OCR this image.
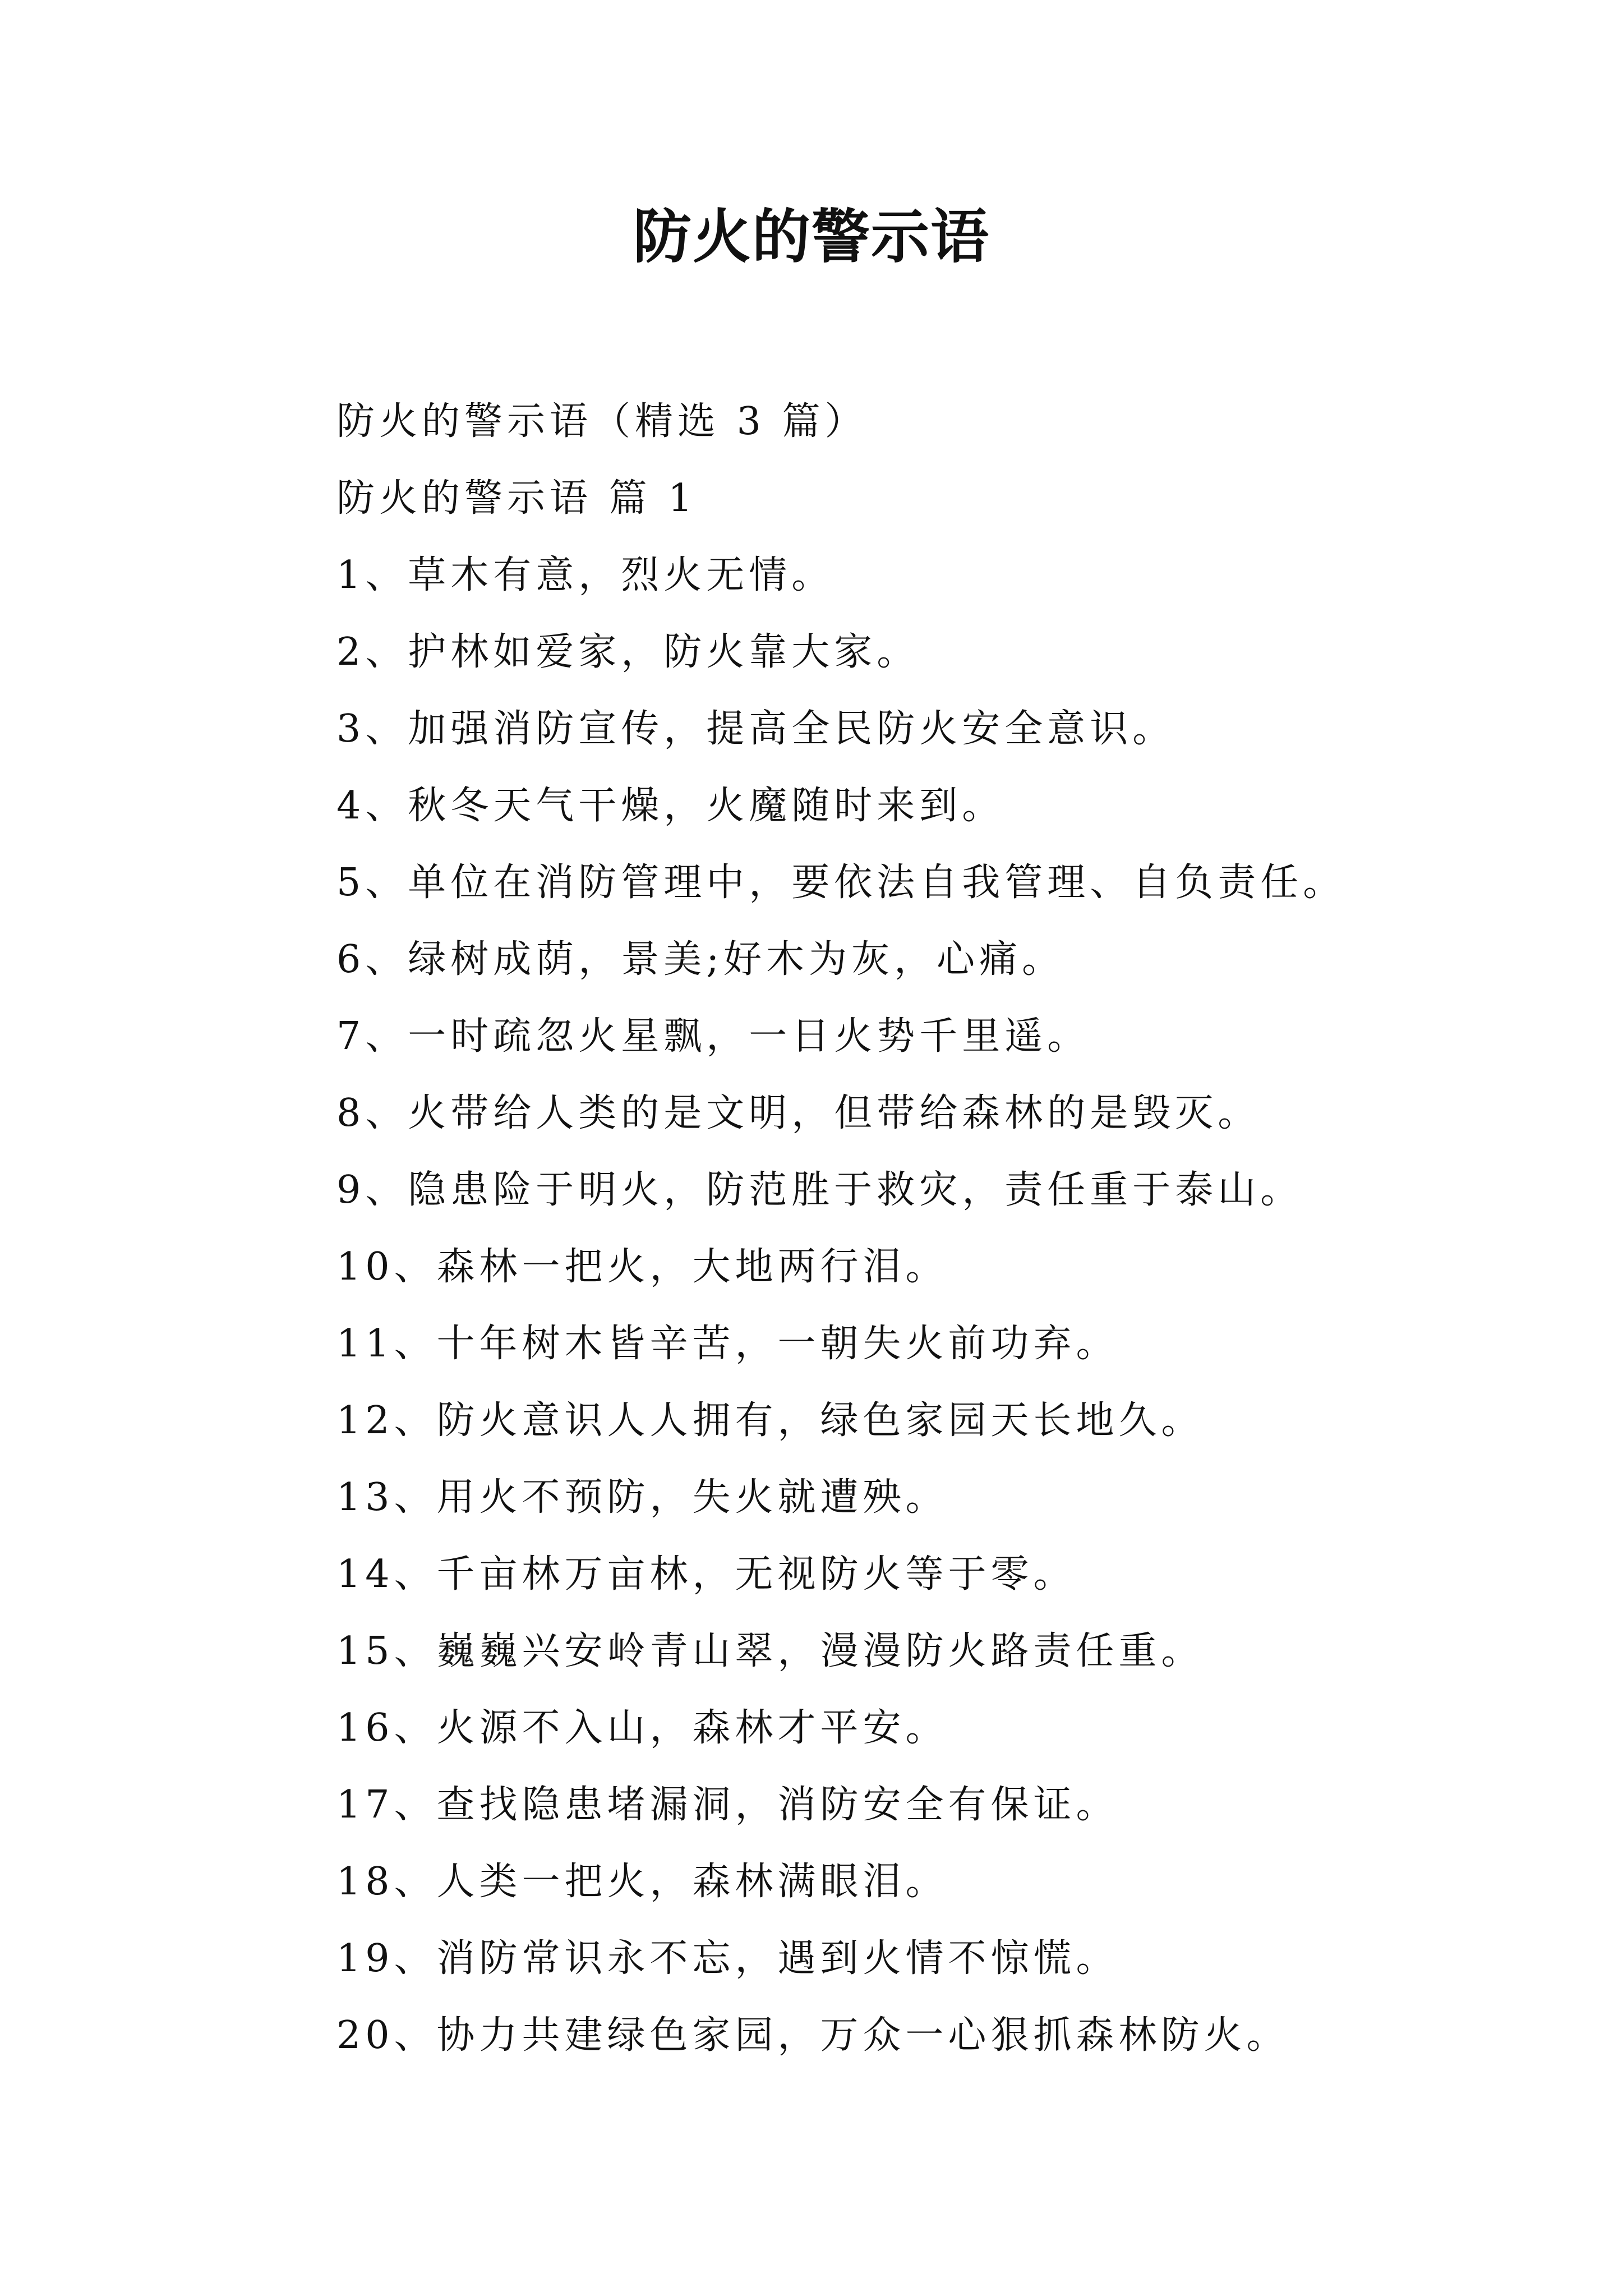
防火的警示语

防火的警示语（精选 3 篇）

防火的警示语 篇 1

1、草木有意，烈火无情。

2、护林如爱家，防火靠大家。

3、加强消防宣传，提高全民防火安全意识。

4、秋冬天气干燥，火魔随时来到。

5、单位在消防管理中，要依法自我管理、自负责任。

6、绿树成荫，景美;好木为灰，心痛。

7、一时疏忽火星飘，一日火势千里遥。

8、火带给人类的是文明，但带给森林的是毁灭。

9、隐患险于明火，防范胜于救灾，责任重于泰山。

10、森林一把火，大地两行泪。

11、十年树木皆辛苦，一朝失火前功弃。

12、防火意识人人拥有，绿色家园天长地久。

13、用火不预防，失火就遭殃。

14、千亩林万亩林，无视防火等于零。

15、巍巍兴安岭青山翠，漫漫防火路责任重。

16、火源不入山，森林才平安。

17、查找隐患堵漏洞，消防安全有保证。

18、人类一把火，森林满眼泪。

19、消防常识永不忘，遇到火情不惊慌。

20、协力共建绿色家园，万众一心狠抓森林防火。
